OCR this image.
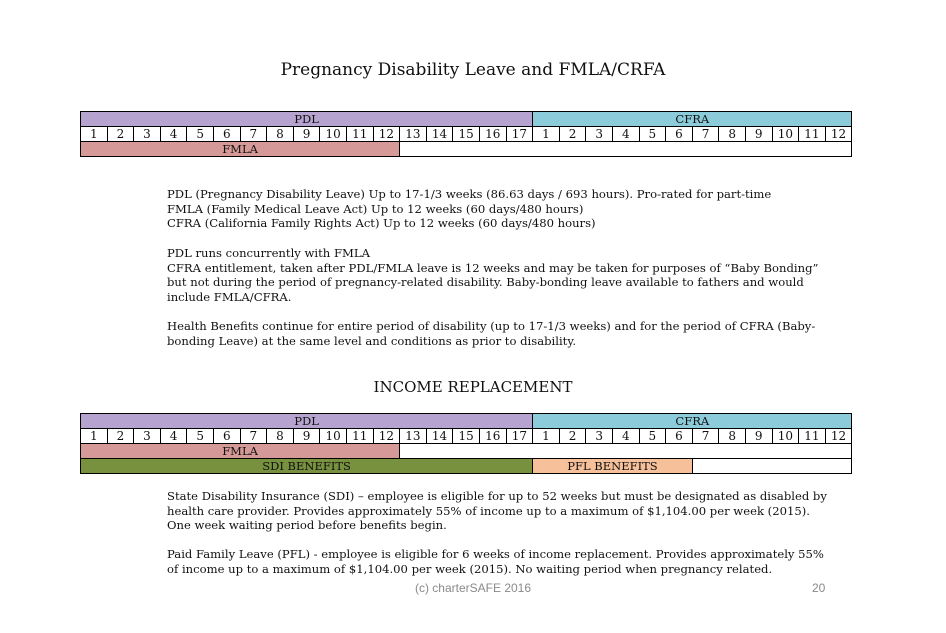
Pregnancy Disability Leave and FMLA/CRFA
PDL																	CFRA											
1	2	3	4	5	6	7	8	9	10	11	12	13	14	15	16	17	1	2	3	4	5	6	7	8	9	10	11	12
FMLA																												

PDL (Pregnancy Disability Leave) Up to 17-1/3 weeks (86.63 days / 693 hours). Pro-rated for part-time

FMLA (Family Medical Leave Act) Up to 12 weeks (60 days/480 hours)

CFRA (California Family Rights Act) Up to 12 weeks (60 days/480 hours)

PDL runs concurrently with FMLA

CFRA entitlement, taken after PDL/FMLA leave is 12 weeks and may be taken for purposes of “Baby Bonding” but not during the period of pregnancy-related disability. Baby-bonding leave available to fathers and would include FMLA/CFRA.

Health Benefits continue for entire period of disability (up to 17-1/3 weeks) and for the period of CFRA (Baby-bonding Leave) at the same level and conditions as prior to disability.

INCOME REPLACEMENT
PDL																	CFRA											
1	2	3	4	5	6	7	8	9	10	11	12	13	14	15	16	17	1	2	3	4	5	6	7	8	9	10	11	12
FMLA																												
SDI BENEFITS																	PFL BENEFITS											

State Disability Insurance (SDI) – employee is eligible for up to 52 weeks but must be designated as disabled by health care provider. Provides approximately 55% of income up to a maximum of $1,104.00 per week (2015). One week waiting period before benefits begin.

Paid Family Leave (PFL) - employee is eligible for 6 weeks of income replacement. Provides approximately 55% of income up to a maximum of $1,104.00 per week (2015). No waiting period when pregnancy related.

(c) charterSAFE 2016	20
